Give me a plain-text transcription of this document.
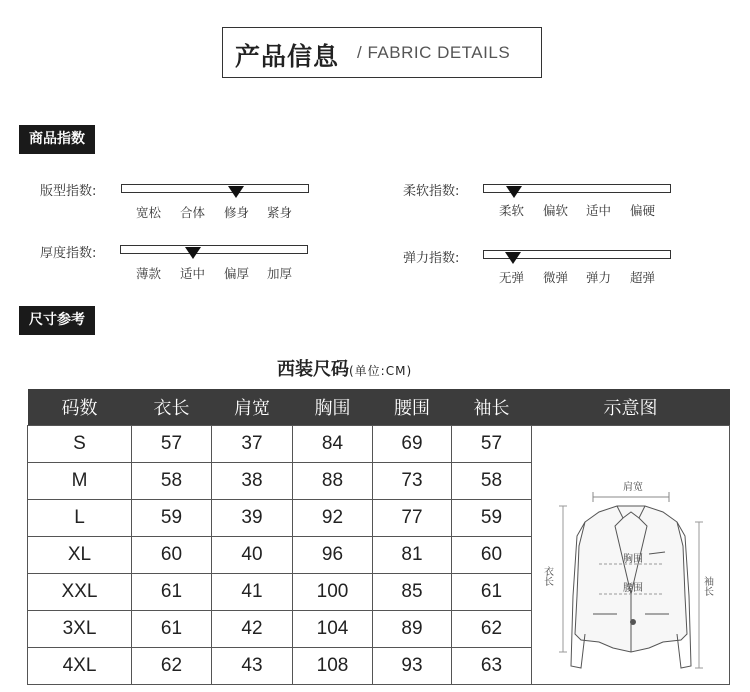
产品信息 / FABRIC DETAILS
商品指数
版型指数:
宽松 合体 修身 紧身
柔软指数:
柔软 偏软 适中 偏硬
厚度指数:
薄款 适中 偏厚 加厚
弹力指数:
无弹 微弹 弹力 超弹
尺寸参考
西装尺码(单位:CM)
码数	衣长	肩宽	胸围	腰围	袖长	示意图
S	57	37	84	69	57	肩宽
胸围
腰围
衣长 袖长

M	58	38	88	73	58	
L	59	39	92	77	59	
XL	60	40	96	81	60	
XXL	61	41	100	85	61	
3XL	61	42	104	89	62	
4XL	62	43	108	93	63	
